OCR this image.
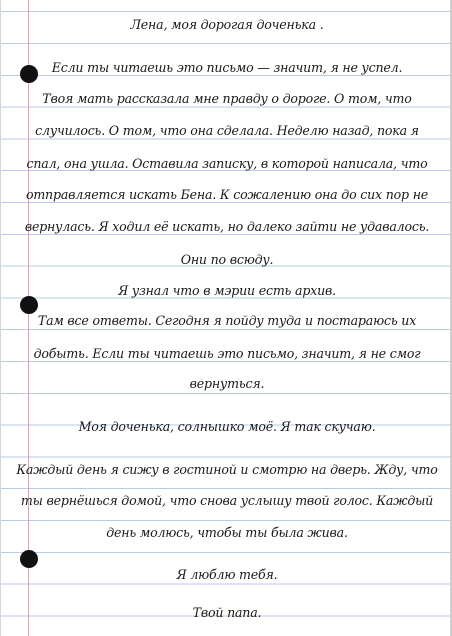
Лена, моя дорогая доченька .
Если ты читаешь это письмо — значит, я не успел.
Твоя мать рассказала мне правду о дороге. О том, что
случилось. О том, что она сделала. Неделю назад, пока я
спал, она ушла. Оставила записку, в которой написала, что
отправляется искать Бена. К сожалению она до сих пор не
вернулась. Я ходил её искать, но далеко зайти не удавалось.
Они по всюду.
Я узнал что в мэрии есть архив.
Там все ответы. Сегодня я пойду туда и постараюсь их
добыть. Если ты читаешь это письмо, значит, я не смог
вернуться.
Моя доченька, солнышко моё. Я так скучаю.
Каждый день я сижу в гостиной и смотрю на дверь. Жду, что
ты вернёшься домой, что снова услышу твой голос. Каждый
день молюсь, чтобы ты была жива.
Я люблю тебя.
Твой папа.
